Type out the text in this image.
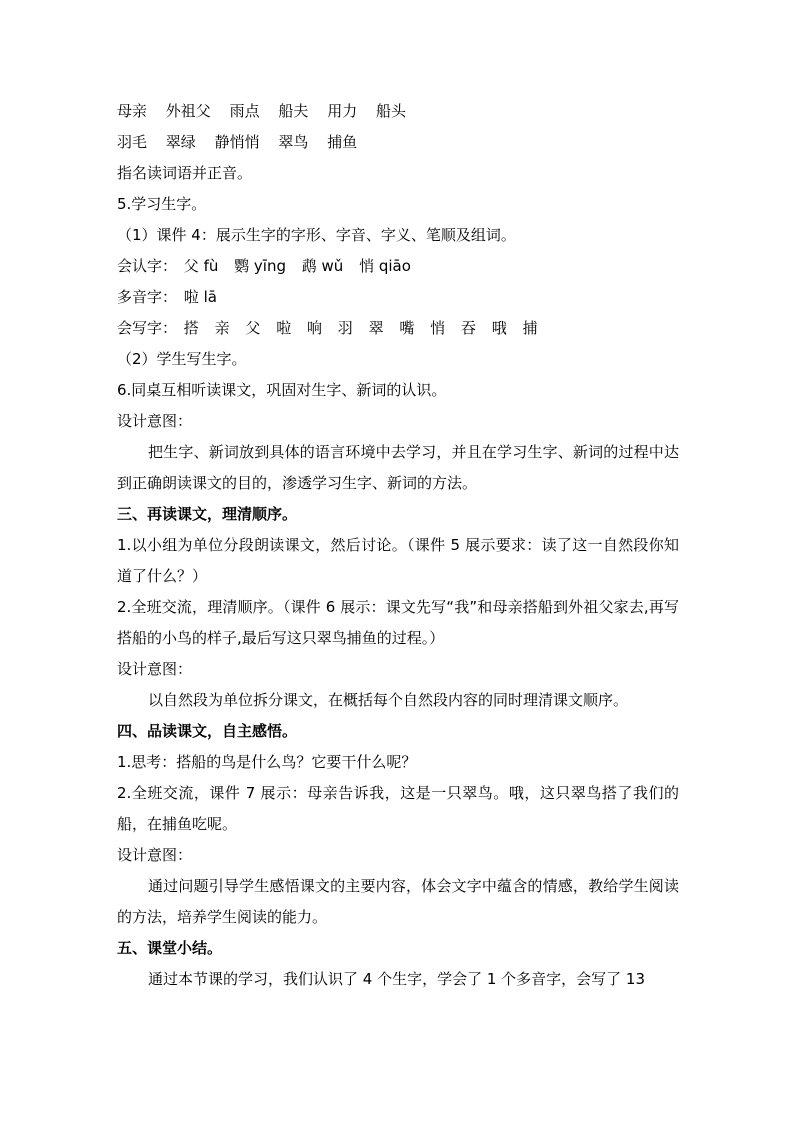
母亲 外祖父 雨点 船夫 用力 船头

羽毛 翠绿 静悄悄 翠鸟 捕鱼

指名读词语并正音。

5.学习生字。

（1）课件 4：展示生字的字形、字音、字义、笔顺及组词。

会认字： 父 fù 鹦 yīng 鹉 wǔ 悄 qiāo

多音字： 啦 lā

会写字： 搭 亲 父 啦 响 羽 翠 嘴 悄 吞 哦 捕

（2）学生写生字。

6.同桌互相听读课文，巩固对生字、新词的认识。

设计意图：

把生字、新词放到具体的语言环境中去学习，并且在学习生字、新词的过程中达到正确朗读课文的目的，渗透学习生字、新词的方法。

三、再读课文，理清顺序。

1.以小组为单位分段朗读课文，然后讨论。（课件 5 展示要求：读了这一自然段你知道了什么？）

2.全班交流，理清顺序。（课件 6 展示：课文先写“我”和母亲搭船到外祖父家去,再写搭船的小鸟的样子,最后写这只翠鸟捕鱼的过程。）

设计意图：

以自然段为单位拆分课文，在概括每个自然段内容的同时理清课文顺序。

四、品读课文，自主感悟。

1.思考：搭船的鸟是什么鸟？它要干什么呢？

2.全班交流，课件 7 展示：母亲告诉我，这是一只翠鸟。哦，这只翠鸟搭了我们的船，在捕鱼吃呢。

设计意图：

通过问题引导学生感悟课文的主要内容，体会文字中蕴含的情感，教给学生阅读的方法，培养学生阅读的能力。

五、课堂小结。

通过本节课的学习，我们认识了 4 个生字，学会了 1 个多音字，会写了 13
